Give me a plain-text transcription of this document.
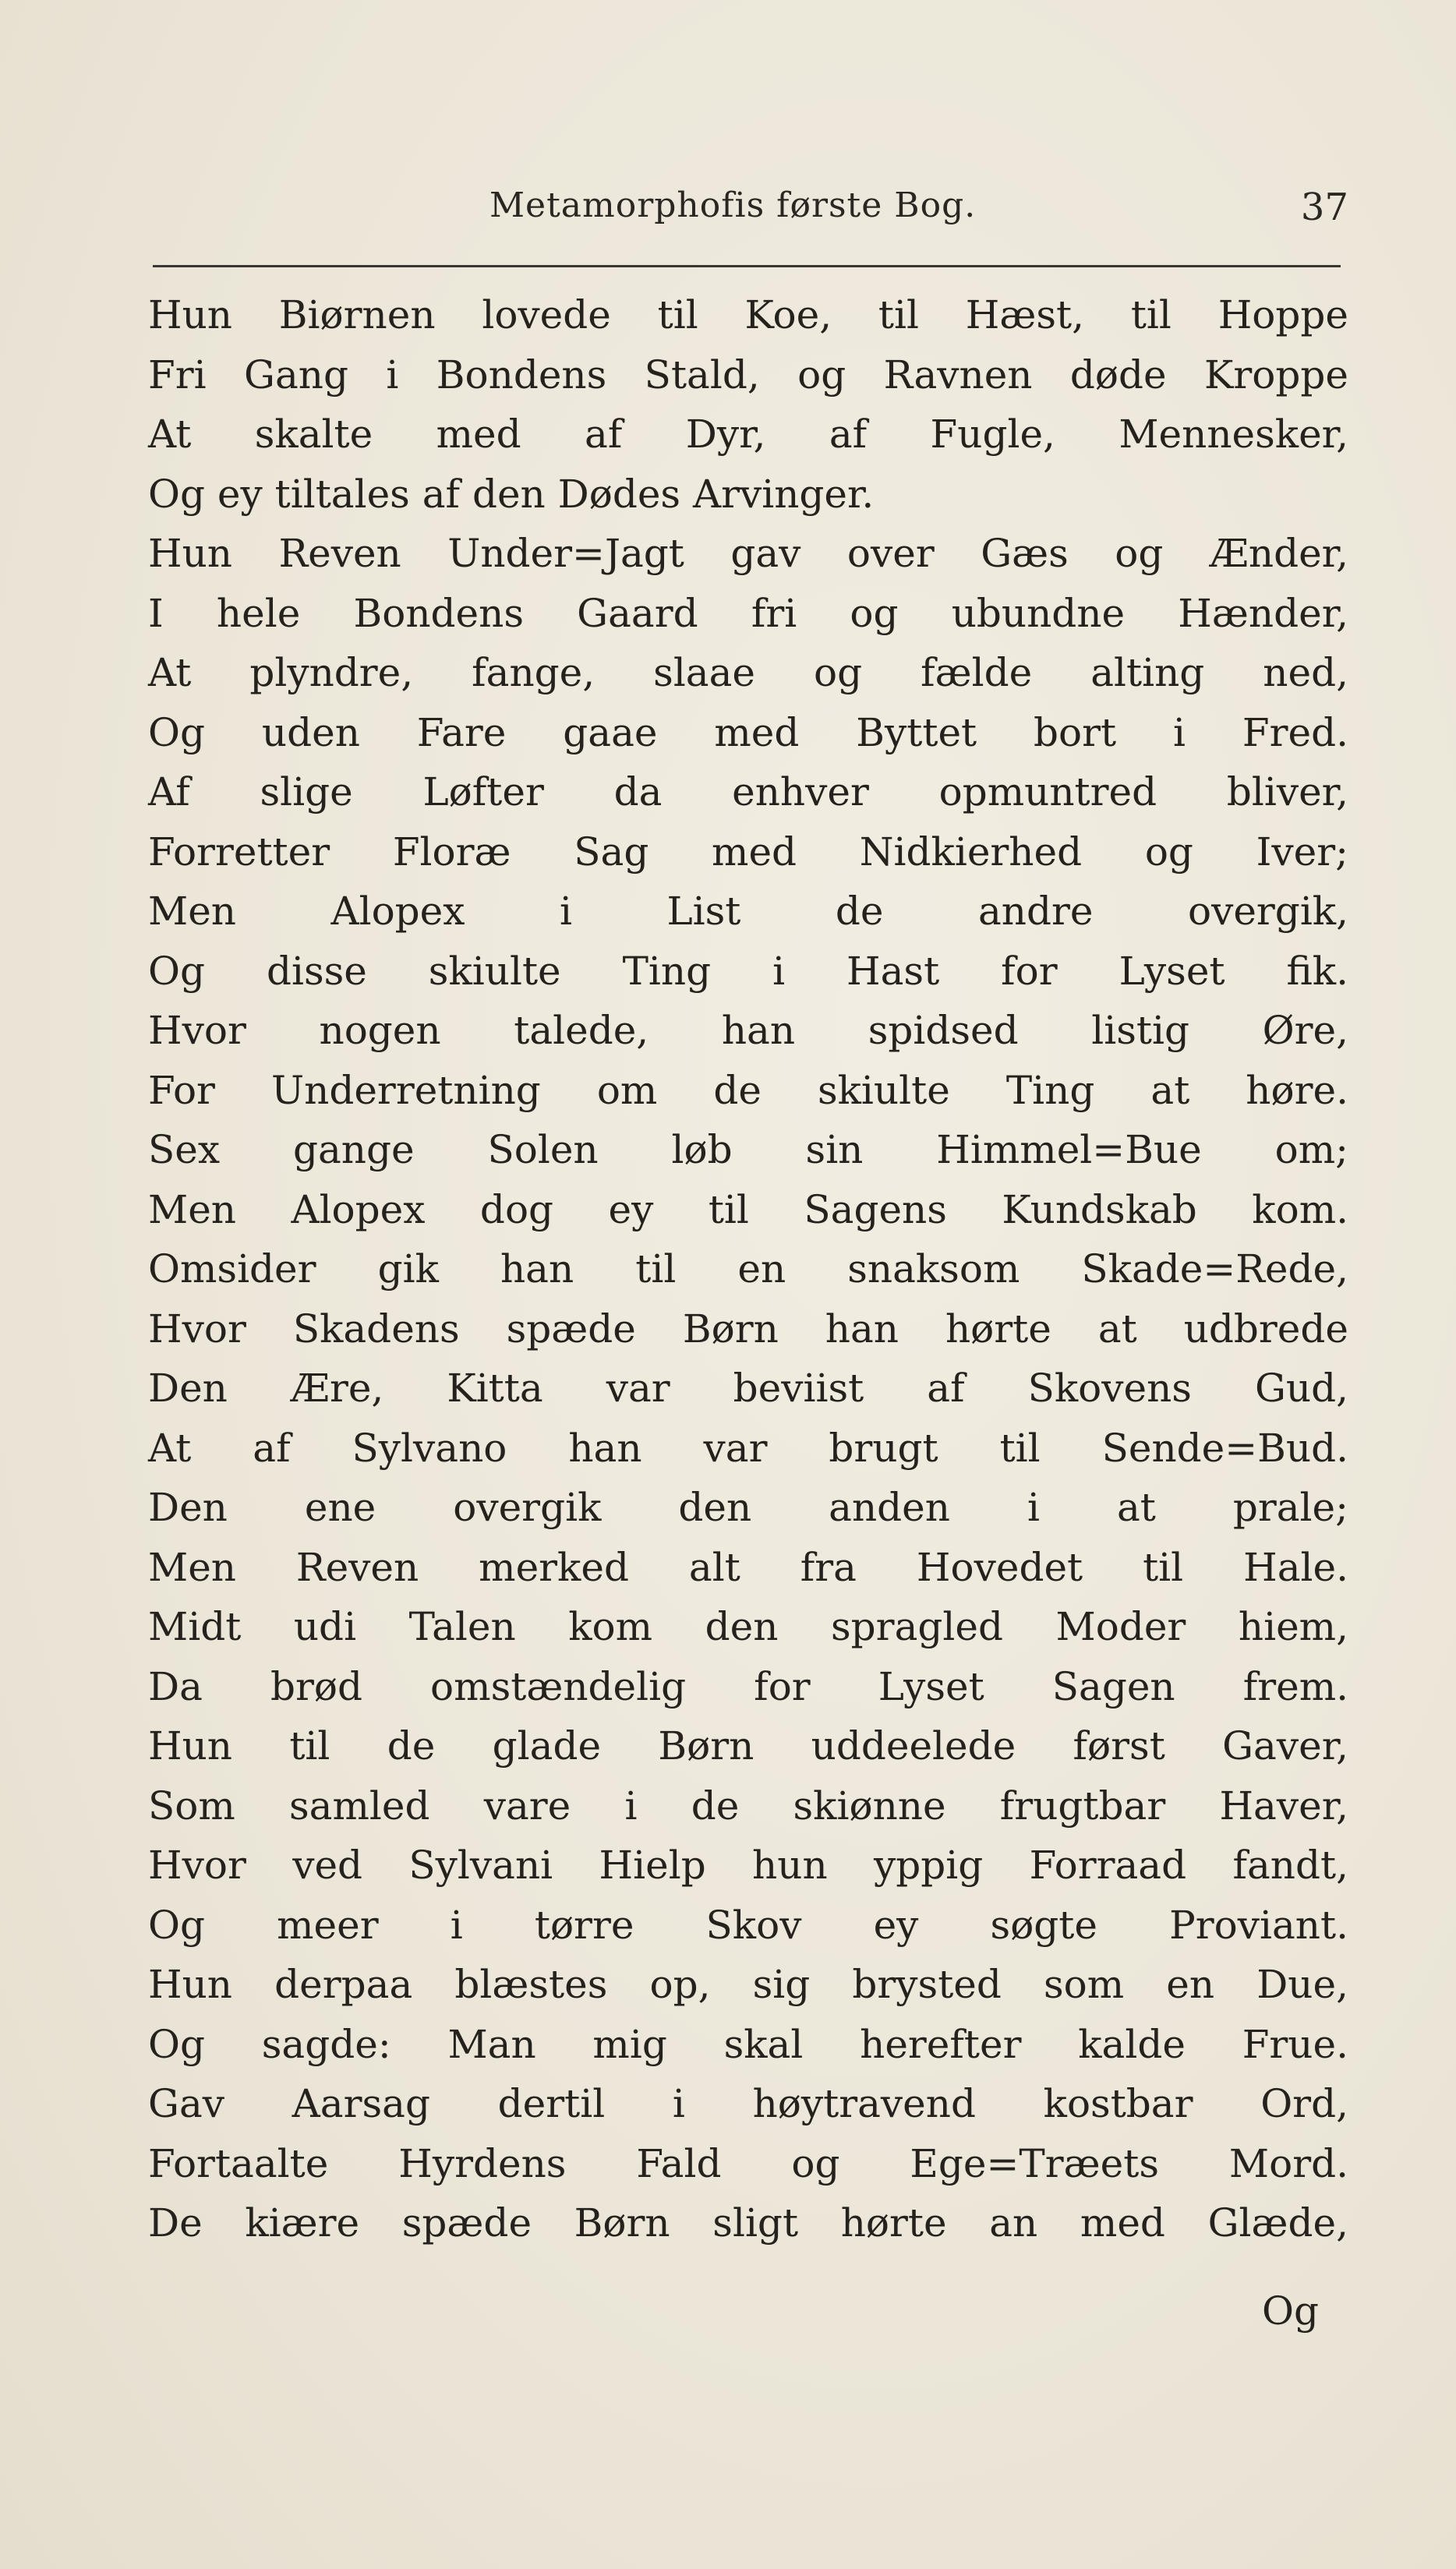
Metamorphofis første Bog.	37
Hun Biørnen lovede til Koe, til Hæst, til Hoppe
Fri Gang i Bondens Stald, og Ravnen døde Kroppe
At skalte med af Dyr, af Fugle, Mennesker,
Og ey tiltales af den Dødes Arvinger.
Hun Reven Under=Jagt gav over Gæs og Ænder,
I hele Bondens Gaard fri og ubundne Hænder,
At plyndre, fange, slaae og fælde alting ned,
Og uden Fare gaae med Byttet bort i Fred.
Af slige Løfter da enhver opmuntred bliver,
Forretter Floræ Sag med Nidkierhed og Iver;
Men Alopex i List de andre overgik,
Og disse skiulte Ting i Hast for Lyset fik.
Hvor nogen talede, han spidsed listig Øre,
For Underretning om de skiulte Ting at høre.
Sex gange Solen løb sin Himmel=Bue om;
Men Alopex dog ey til Sagens Kundskab kom.
Omsider gik han til en snaksom Skade=Rede,
Hvor Skadens spæde Børn han hørte at udbrede
Den Ære, Kitta var beviist af Skovens Gud,
At af Sylvano han var brugt til Sende=Bud.
Den ene overgik den anden i at prale;
Men Reven merked alt fra Hovedet til Hale.
Midt udi Talen kom den spragled Moder hiem,
Da brød omstændelig for Lyset Sagen frem.
Hun til de glade Børn uddeelede først Gaver,
Som samled vare i de skiønne frugtbar Haver,
Hvor ved Sylvani Hielp hun yppig Forraad fandt,
Og meer i tørre Skov ey søgte Proviant.
Hun derpaa blæstes op, sig brysted som en Due,
Og sagde: Man mig skal herefter kalde Frue.
Gav Aarsag dertil i høytravend kostbar Ord,
Fortaalte Hyrdens Fald og Ege=Træets Mord.
De kiære spæde Børn sligt hørte an med Glæde,
Og
